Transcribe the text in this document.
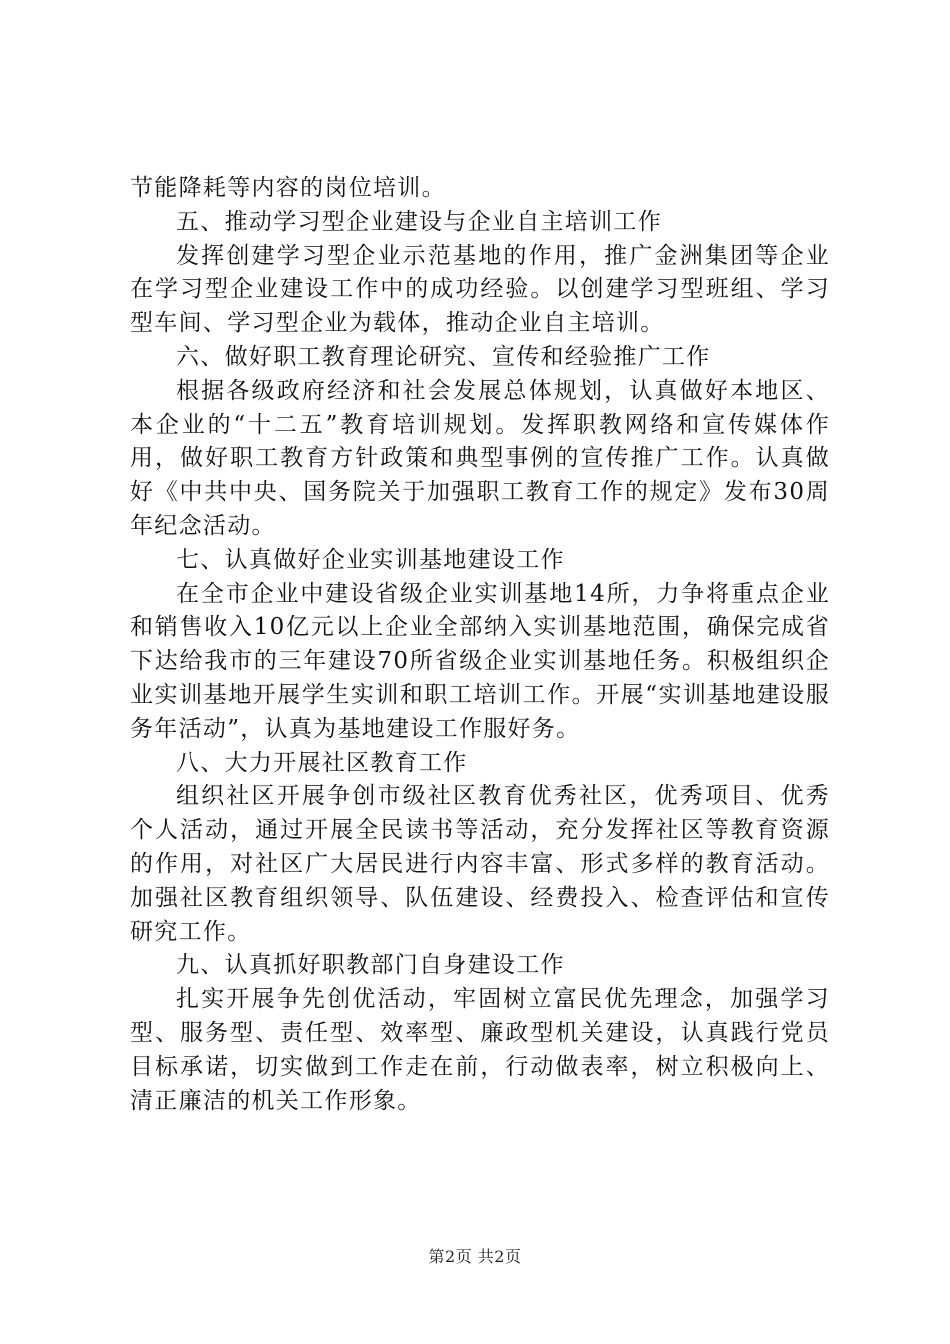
节能降耗等内容的岗位培训。

五、推动学习型企业建设与企业自主培训工作

发挥创建学习型企业示范基地的作用，推广金洲集团等企业在学习型企业建设工作中的成功经验。以创建学习型班组、学习型车间、学习型企业为载体，推动企业自主培训。

六、做好职工教育理论研究、宣传和经验推广工作

根据各级政府经济和社会发展总体规划，认真做好本地区、本企业的“十二五”教育培训规划。发挥职教网络和宣传媒体作用，做好职工教育方针政策和典型事例的宣传推广工作。认真做好《中共中央、国务院关于加强职工教育工作的规定》发布30周年纪念活动。

七、认真做好企业实训基地建设工作

在全市企业中建设省级企业实训基地14所，力争将重点企业和销售收入10亿元以上企业全部纳入实训基地范围，确保完成省下达给我市的三年建设70所省级企业实训基地任务。积极组织企业实训基地开展学生实训和职工培训工作。开展“实训基地建设服务年活动”，认真为基地建设工作服好务。

八、大力开展社区教育工作

组织社区开展争创市级社区教育优秀社区，优秀项目、优秀个人活动，通过开展全民读书等活动，充分发挥社区等教育资源的作用，对社区广大居民进行内容丰富、形式多样的教育活动。加强社区教育组织领导、队伍建设、经费投入、检查评估和宣传研究工作。

九、认真抓好职教部门自身建设工作

扎实开展争先创优活动，牢固树立富民优先理念，加强学习型、服务型、责任型、效率型、廉政型机关建设，认真践行党员目标承诺，切实做到工作走在前，行动做表率，树立积极向上、清正廉洁的机关工作形象。

第2页 共2页
